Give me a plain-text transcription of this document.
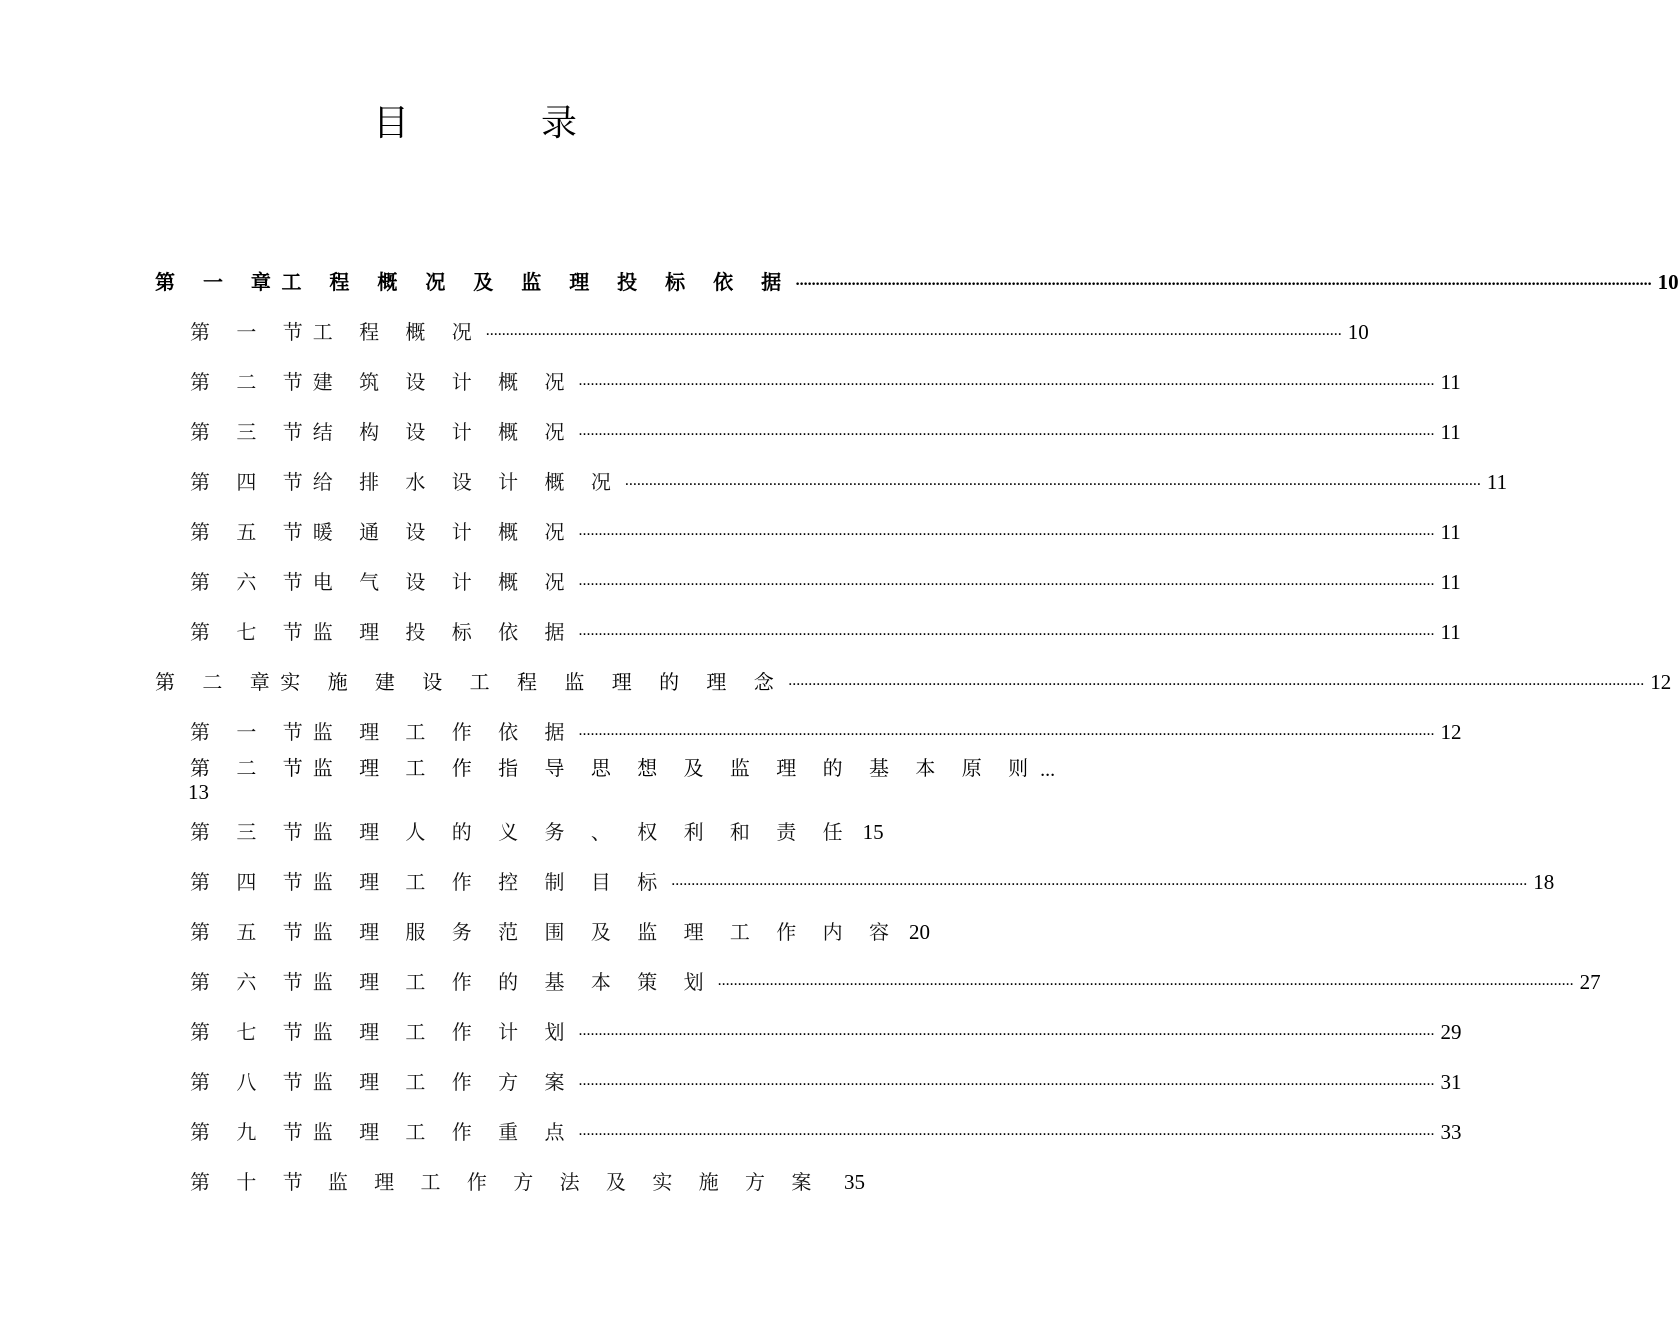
目　录
第 一 章 工 程 概 况 及 监 理 投 标 依 据 .....	10
第 一 节 工 程 概 况 .....	10
第 二 节 建 筑 设 计 概 况 .....	11
第 三 节 结 构 设 计 概 况 .....	11
第 四 节 给 排 水 设 计 概 况 .....	11
第 五 节 暖 通 设 计 概 况 .....	11
第 六 节 电 气 设 计 概 况 .....	11
第 七 节 监 理 投 标 依 据 .....	11
第 二 章 实 施 建 设 工 程 监 理 的 理 念 .....	12
第 一 节 监 理 工 作 依 据 .....	12
第 二 节 监 理 工 作 指 导 思 想 及 监 理 的 基 本 原 则 ...
13
第 三 节 监 理 人 的 义 务 、 权 利 和 责 任 15
第 四 节 监 理 工 作 控 制 目 标 .....	18
第 五 节 监 理 服 务 范 围 及 监 理 工 作 内 容 20
第 六 节 监 理 工 作 的 基 本 策 划 .....	27
第 七 节 监 理 工 作 计 划 .....	29
第 八 节 监 理 工 作 方 案 .....	31
第 九 节 监 理 工 作 重 点 .....	33
第 十 节 监 理 工 作 方 法 及 实 施 方 案	35
